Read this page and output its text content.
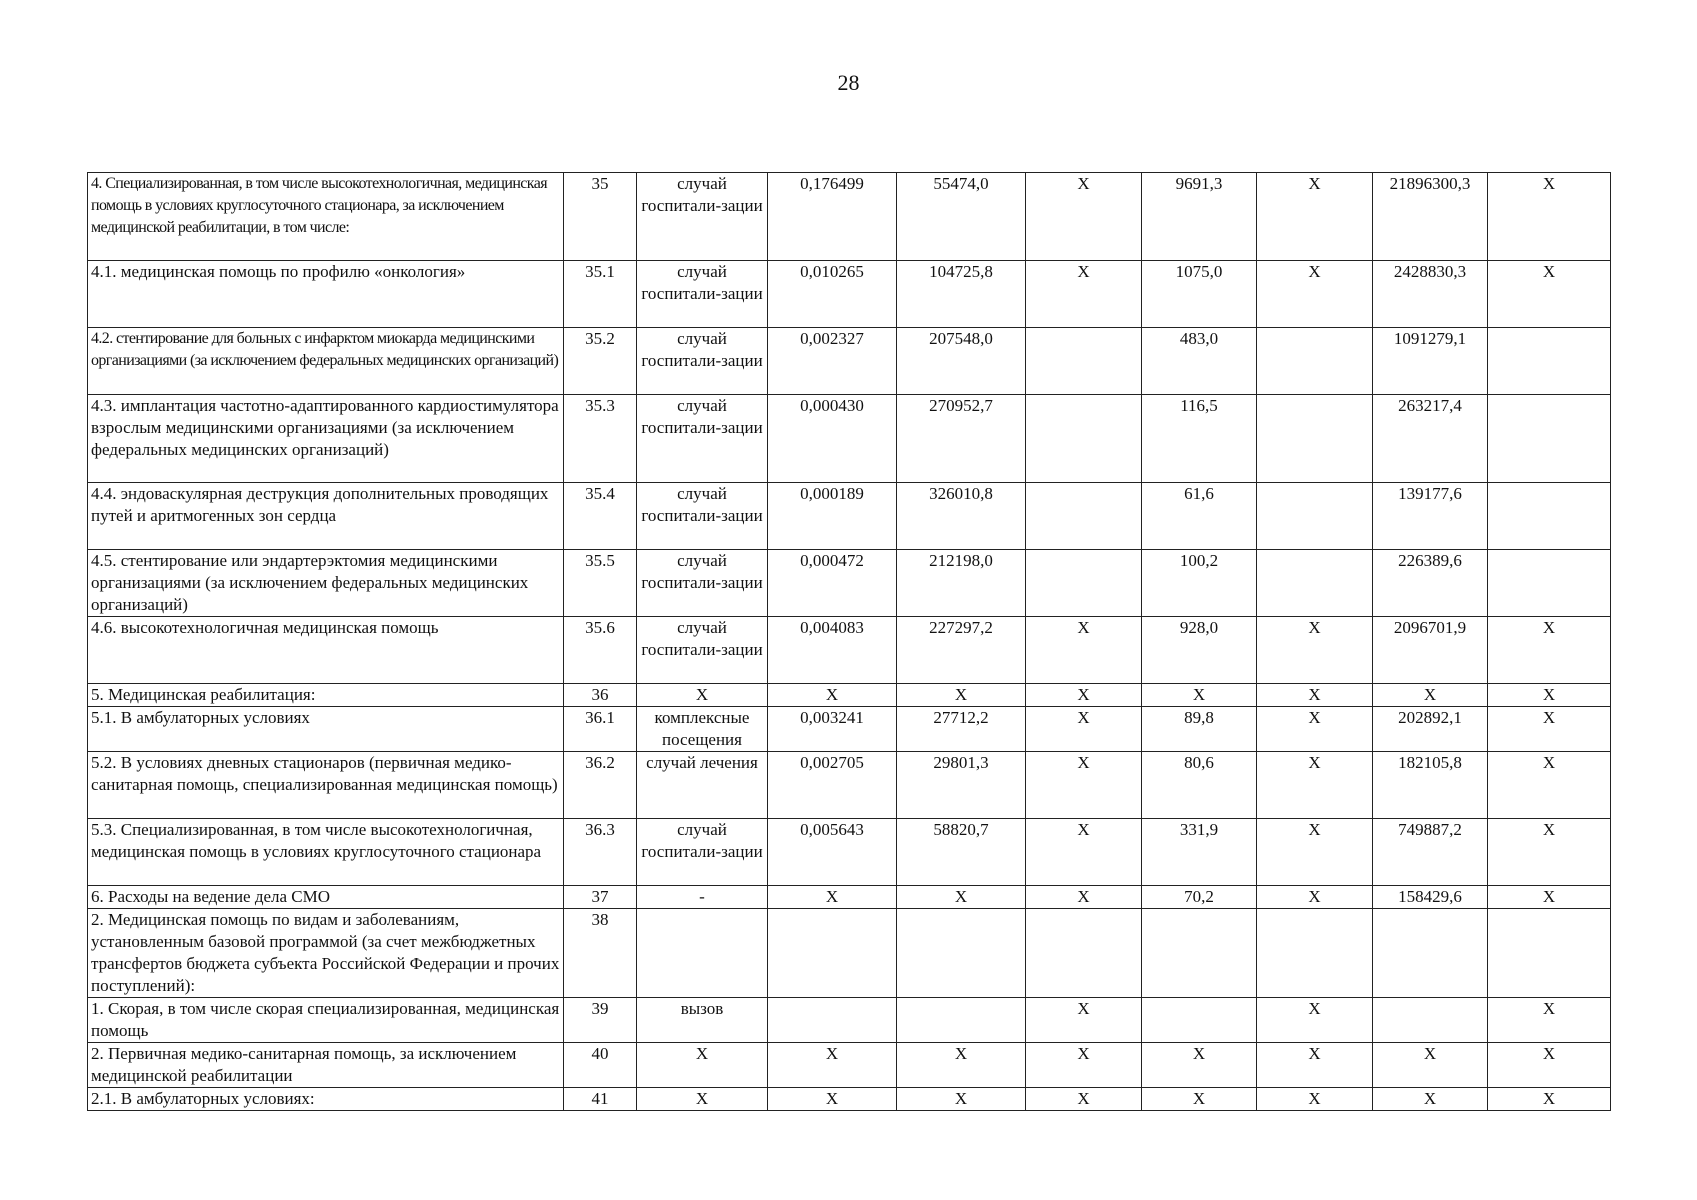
28
4. Специализированная, в том числе высокотехнологичная, медицинская помощь в условиях круглосуточного стационара, за исключением медицинской реабилитации, в том числе:	35	случай госпитали-зации	0,176499	55474,0	X	9691,3	X	21896300,3	X
4.1. медицинская помощь по профилю «онкология»	35.1	случай госпитали-зации	0,010265	104725,8	X	1075,0	X	2428830,3	X
4.2. стентирование для больных с инфарктом миокарда медицинскими организациями (за исключением федеральных медицинских организаций)	35.2	случай госпитали-зации	0,002327	207548,0		483,0		1091279,1	
4.3. имплантация частотно-адаптированного кардиостимулятора взрослым медицинскими организациями (за исключением федеральных медицинских организаций)	35.3	случай госпитали-зации	0,000430	270952,7		116,5		263217,4	
4.4. эндоваскулярная деструкция дополнительных проводящих путей и аритмогенных зон сердца	35.4	случай госпитали-зации	0,000189	326010,8		61,6		139177,6	
4.5. стентирование или эндартерэктомия медицинскими организациями (за исключением федеральных медицинских организаций)	35.5	случай госпитали-зации	0,000472	212198,0		100,2		226389,6	
4.6. высокотехнологичная медицинская помощь	35.6	случай госпитали-зации	0,004083	227297,2	X	928,0	X	2096701,9	X
5. Медицинская реабилитация:	36	X	X	X	X	X	X	X	X
5.1. В амбулаторных условиях	36.1	комплексные посещения	0,003241	27712,2	X	89,8	X	202892,1	X
5.2. В условиях дневных стационаров (первичная медико-санитарная помощь, специализированная медицинская помощь)	36.2	случай лечения	0,002705	29801,3	X	80,6	X	182105,8	X
5.3. Специализированная, в том числе высокотехнологичная, медицинская помощь в условиях круглосуточного стационара	36.3	случай госпитали-зации	0,005643	58820,7	X	331,9	X	749887,2	X
6. Расходы на ведение дела СМО	37	-	X	X	X	70,2	X	158429,6	X
2. Медицинская помощь по видам и заболеваниям, установленным базовой программой (за счет межбюджетных трансфертов бюджета субъекта Российской Федерации и прочих поступлений):	38								
1. Скорая, в том числе скорая специализированная, медицинская помощь	39	вызов			X		X		X
2. Первичная медико-санитарная помощь, за исключением медицинской реабилитации	40	X	X	X	X	X	X	X	X
2.1. В амбулаторных условиях:	41	X	X	X	X	X	X	X	X
